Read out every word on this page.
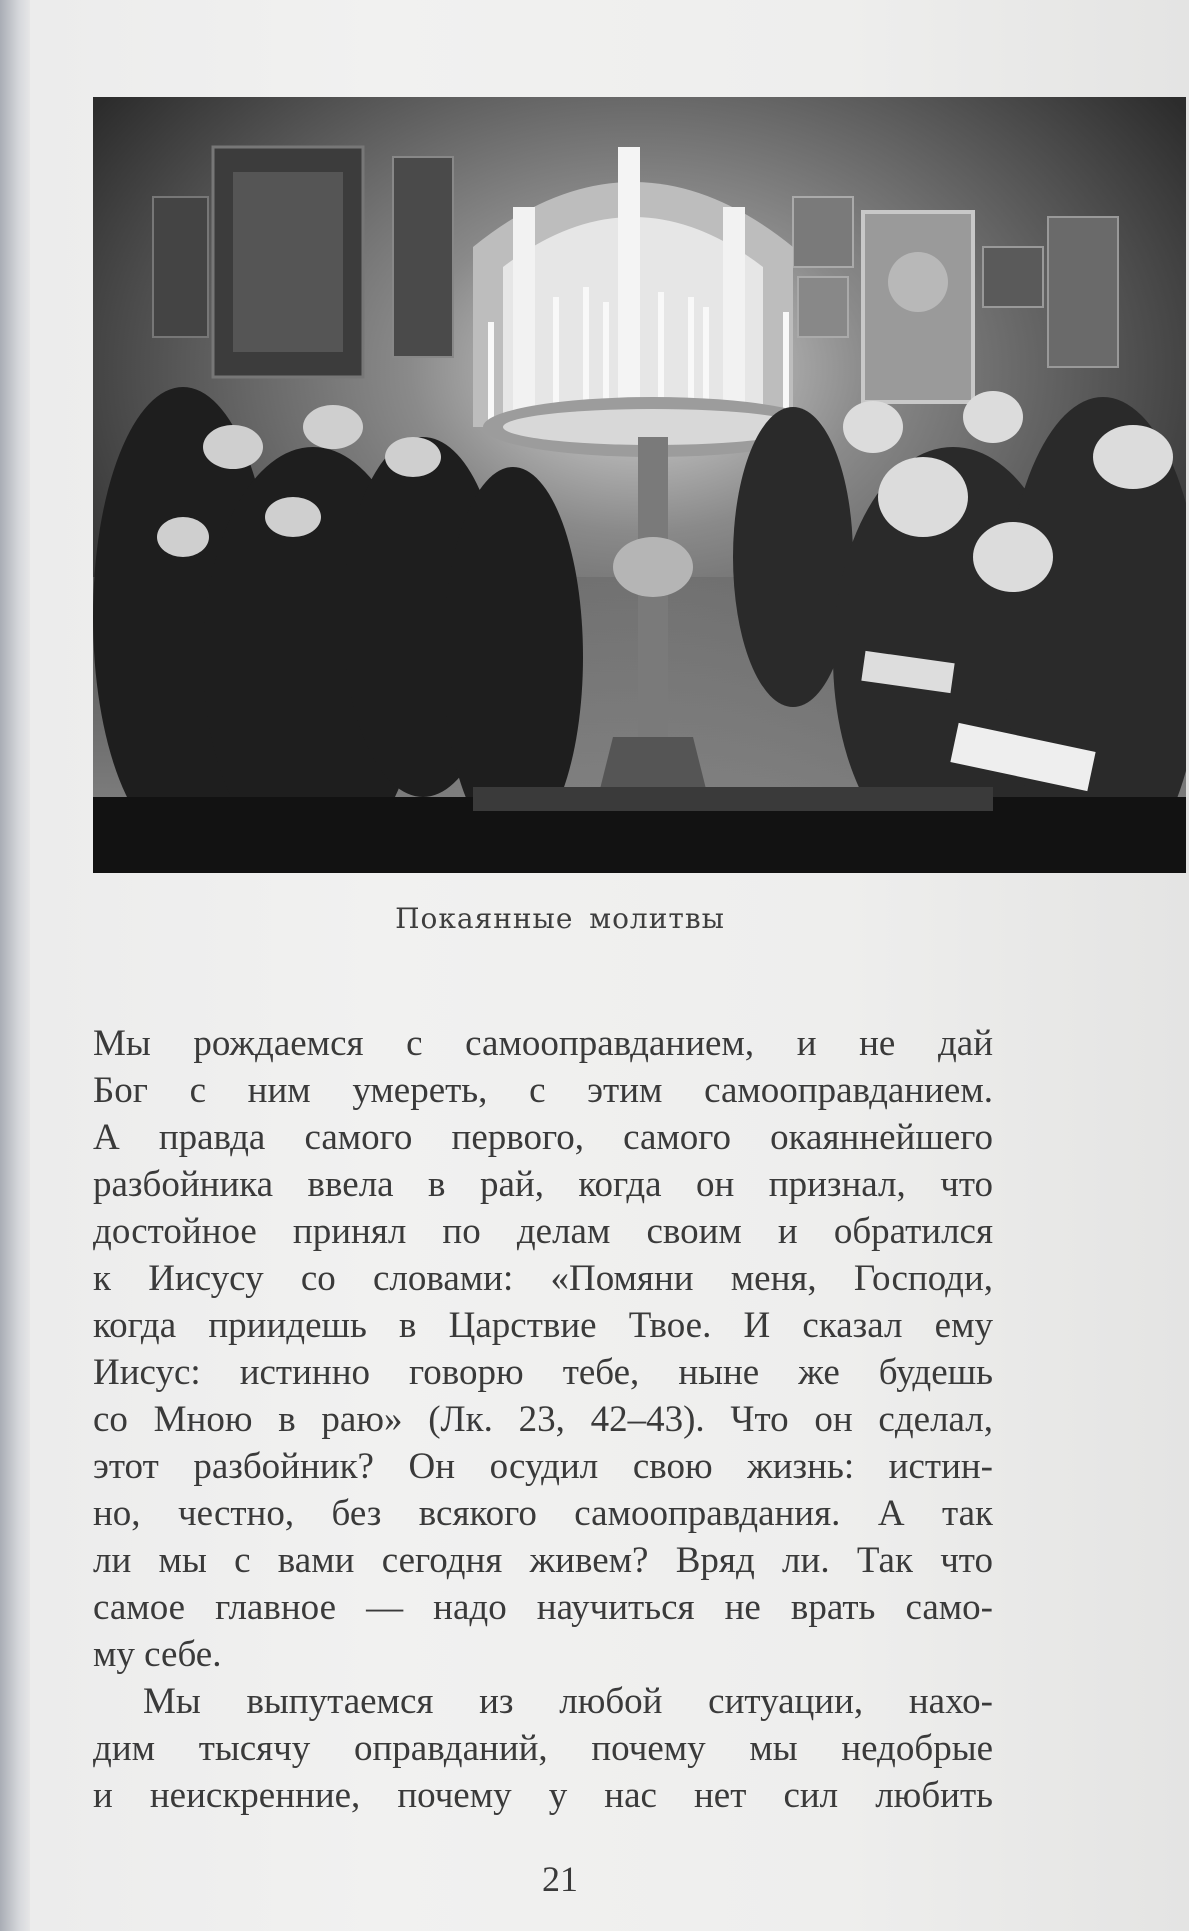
Покаянные молитвы
Мы рождаемся с самооправданием, и не дай
Бог с ним умереть, с этим самооправданием.
А правда самого первого, самого окаяннейшего
разбойника ввела в рай, когда он признал, что
достойное принял по делам своим и обратился
к Иисусу со словами: «Помяни меня, Господи,
когда приидешь в Царствие Твое. И сказал ему
Иисус: истинно говорю тебе, ныне же будешь
со Мною в раю» (Лк. 23, 42–43). Что он сделал,
этот разбойник? Он осудил свою жизнь: истин-
но, честно, без всякого самооправдания. А так
ли мы с вами сегодня живем? Вряд ли. Так что
самое главное — надо научиться не врать само-
му себе.
Мы выпутаемся из любой ситуации, нахо-
дим тысячу оправданий, почему мы недобрые
и неискренние, почему у нас нет сил любить
21
